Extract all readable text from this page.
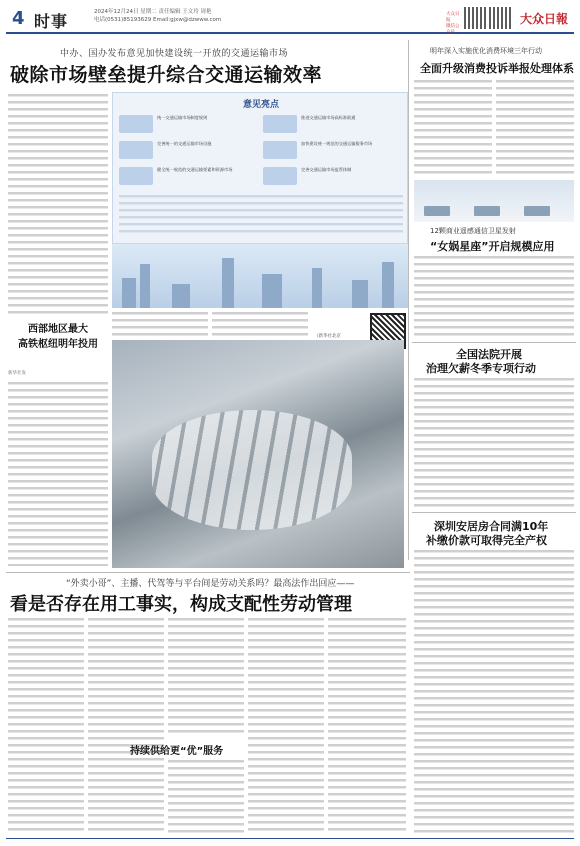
4 时事	2024年12月24日 星期二 责任编辑 王文玲 周艳
电话(0531)85193629 Email:gjxw@dzwww.com
大众日报
微信公众号
大众日報
中办、国办发布意见加快建设统一开放的交通运输市场
破除市场壁垒提升综合交通运输效率
意见亮点
统一交通运输市场制度规则
完善统一的交通运输市场设施
健全统一规范的交通运输要素和资源市场
推进交通运输市场高标准联通
加快建设统一规范的交通运输服务市场
完善交通运输市场监管体制
（新华社北京

西部地区最大
高铁枢纽明年投用
新华社发
明年深入实施优化消费环境三年行动
全面升级消费投诉举报处理体系
12颗商业遥感通信卫星发射
“女娲星座”开启规模应用
全国法院开展
治理欠薪冬季专项行动
深圳安居房合同满10年
补缴价款可取得完全产权
“外卖小哥”、主播、代驾等与平台间是劳动关系吗？最高法作出回应——
看是否存在用工事实，构成支配性劳动管理
持续供给更“优”服务
